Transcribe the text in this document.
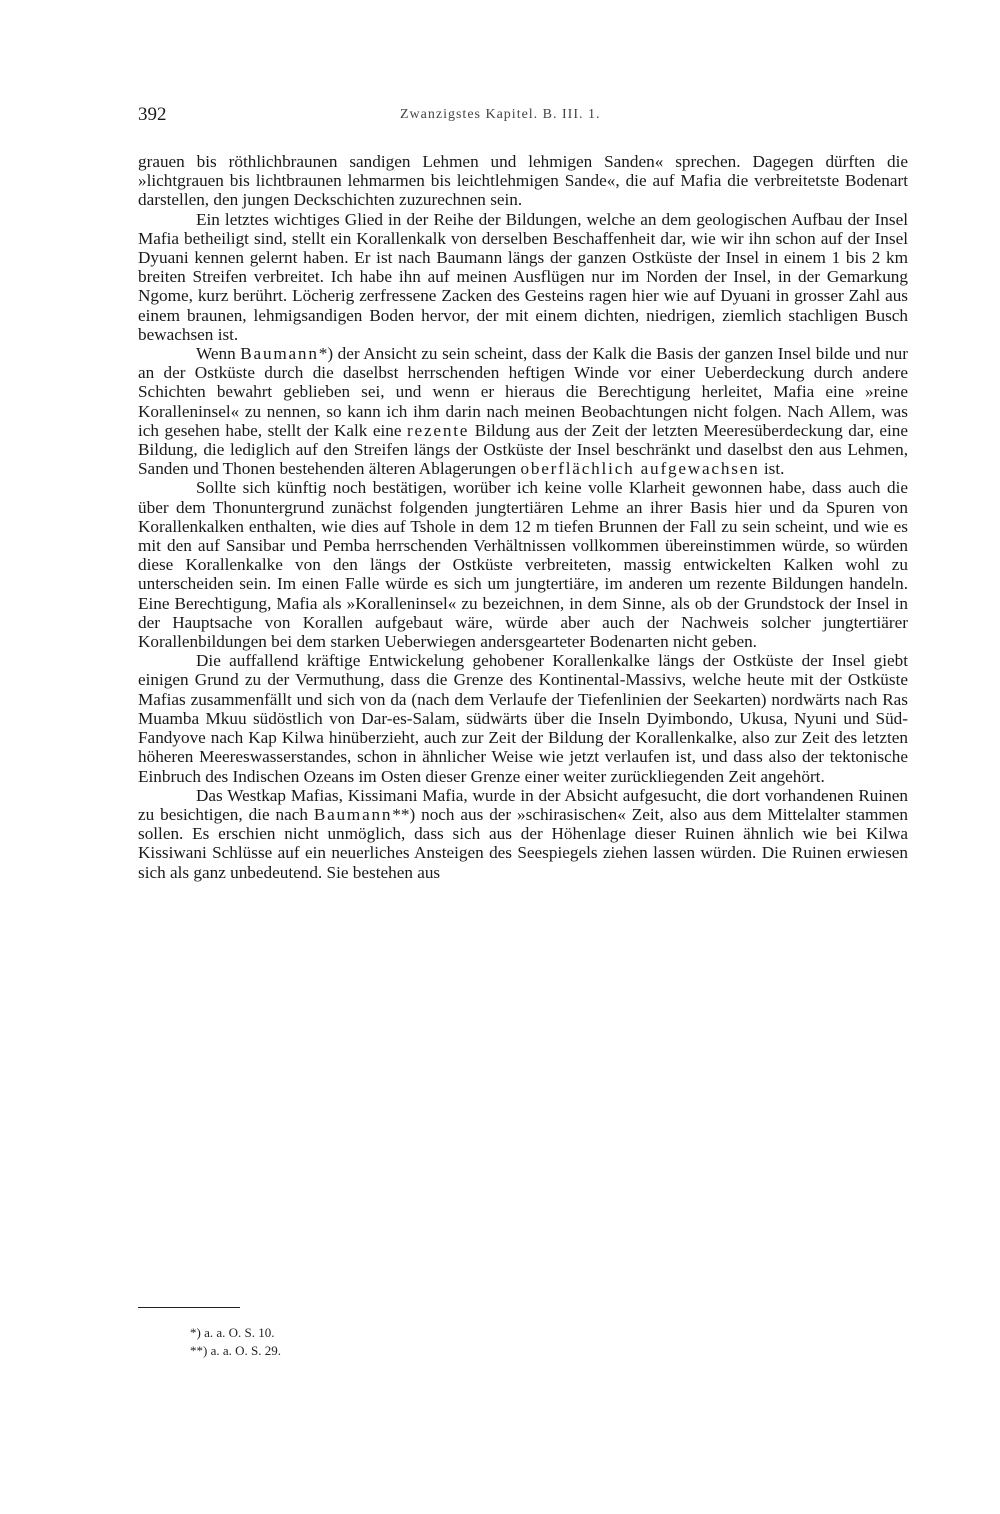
392	Zwanzigstes Kapitel. B. III. 1.

grauen bis röthlichbraunen sandigen Lehmen und lehmigen Sanden« sprechen. Dagegen dürften die »lichtgrauen bis lichtbraunen lehmarmen bis leichtlehmigen Sande«, die auf Mafia die verbreitetste Bodenart darstellen, den jungen Deckschichten zuzurechnen sein.

Ein letztes wichtiges Glied in der Reihe der Bildungen, welche an dem geologischen Aufbau der Insel Mafia betheiligt sind, stellt ein Korallenkalk von derselben Beschaffenheit dar, wie wir ihn schon auf der Insel Dyuani kennen gelernt haben. Er ist nach Baumann längs der ganzen Ostküste der Insel in einem 1 bis 2 km breiten Streifen verbreitet. Ich habe ihn auf meinen Ausflügen nur im Norden der Insel, in der Gemarkung Ngome, kurz berührt. Löcherig zerfressene Zacken des Gesteins ragen hier wie auf Dyuani in grosser Zahl aus einem braunen, lehmigsandigen Boden hervor, der mit einem dichten, niedrigen, ziemlich stachligen Busch bewachsen ist.

Wenn Baumann*) der Ansicht zu sein scheint, dass der Kalk die Basis der ganzen Insel bilde und nur an der Ostküste durch die daselbst herrschenden heftigen Winde vor einer Ueberdeckung durch andere Schichten bewahrt geblieben sei, und wenn er hieraus die Berechtigung herleitet, Mafia eine »reine Koralleninsel« zu nennen, so kann ich ihm darin nach meinen Beobachtungen nicht folgen. Nach Allem, was ich gesehen habe, stellt der Kalk eine rezente Bildung aus der Zeit der letzten Meeresüberdeckung dar, eine Bildung, die lediglich auf den Streifen längs der Ostküste der Insel beschränkt und daselbst den aus Lehmen, Sanden und Thonen bestehenden älteren Ablagerungen oberflächlich aufgewachsen ist.

Sollte sich künftig noch bestätigen, worüber ich keine volle Klarheit gewonnen habe, dass auch die über dem Thonuntergrund zunächst folgenden jungtertiären Lehme an ihrer Basis hier und da Spuren von Korallenkalken enthalten, wie dies auf Tshole in dem 12 m tiefen Brunnen der Fall zu sein scheint, und wie es mit den auf Sansibar und Pemba herrschenden Verhältnissen vollkommen übereinstimmen würde, so würden diese Korallenkalke von den längs der Ostküste verbreiteten, massig entwickelten Kalken wohl zu unterscheiden sein. Im einen Falle würde es sich um jungtertiäre, im anderen um rezente Bildungen handeln. Eine Berechtigung, Mafia als »Koralleninsel« zu bezeichnen, in dem Sinne, als ob der Grundstock der Insel in der Hauptsache von Korallen aufgebaut wäre, würde aber auch der Nachweis solcher jungtertiärer Korallenbildungen bei dem starken Ueberwiegen andersgearteter Bodenarten nicht geben.

Die auffallend kräftige Entwickelung gehobener Korallenkalke längs der Ostküste der Insel giebt einigen Grund zu der Vermuthung, dass die Grenze des Kontinental-Massivs, welche heute mit der Ostküste Mafias zusammenfällt und sich von da (nach dem Verlaufe der Tiefenlinien der Seekarten) nordwärts nach Ras Muamba Mkuu südöstlich von Dar-es-Salam, südwärts über die Inseln Dyimbondo, Ukusa, Nyuni und Süd-Fandyove nach Kap Kilwa hinüberzieht, auch zur Zeit der Bildung der Korallenkalke, also zur Zeit des letzten höheren Meereswasserstandes, schon in ähnlicher Weise wie jetzt verlaufen ist, und dass also der tektonische Einbruch des Indischen Ozeans im Osten dieser Grenze einer weiter zurückliegenden Zeit angehört.

Das Westkap Mafias, Kissimani Mafia, wurde in der Absicht aufgesucht, die dort vorhandenen Ruinen zu besichtigen, die nach Baumann**) noch aus der »schirasischen« Zeit, also aus dem Mittelalter stammen sollen. Es erschien nicht unmöglich, dass sich aus der Höhenlage dieser Ruinen ähnlich wie bei Kilwa Kissiwani Schlüsse auf ein neuerliches Ansteigen des Seespiegels ziehen lassen würden. Die Ruinen erwiesen sich als ganz unbedeutend. Sie bestehen aus

*) a. a. O. S. 10.

**) a. a. O. S. 29.
